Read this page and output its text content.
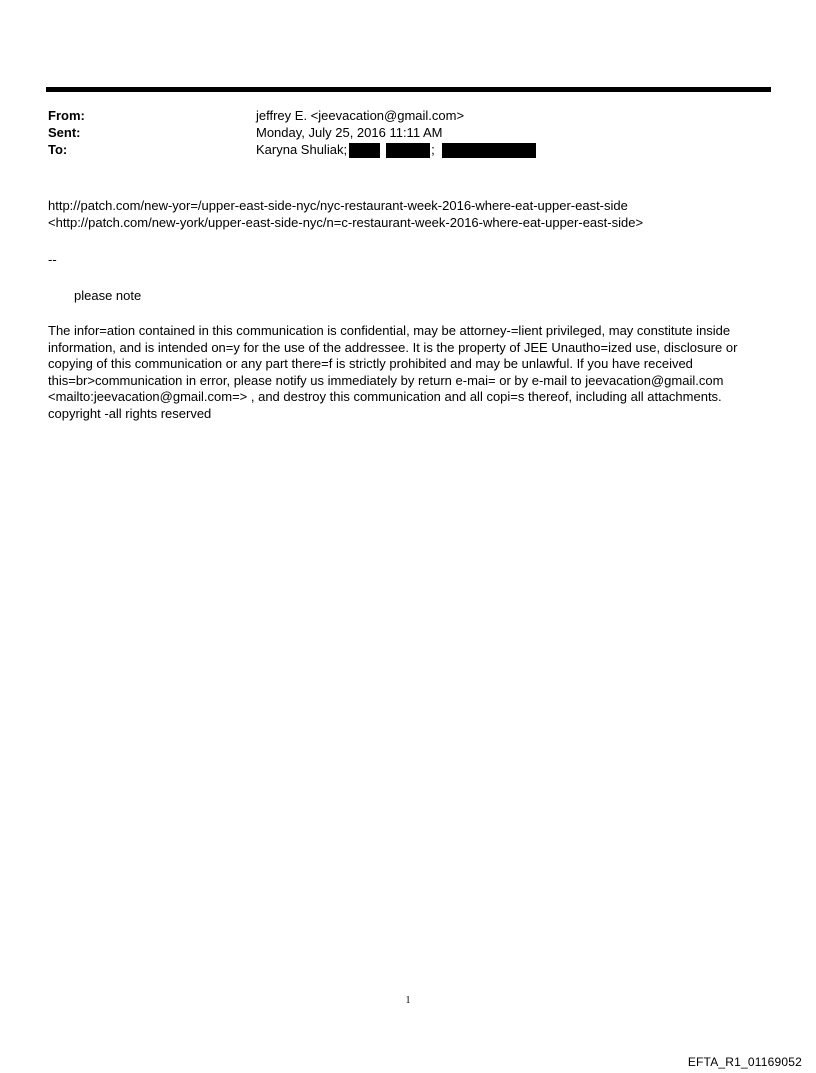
From:	jeffrey E. <jeevacation@gmail.com>
Sent:	Monday, July 25, 2016 11:11 AM
To:	Karyna Shuliak;	;
http://patch.com/new-yor=/upper-east-side-nyc/nyc-restaurant-week-2016-where-eat-upper-east-side
<http://patch.com/new-york/upper-east-side-nyc/n=c-restaurant-week-2016-where-eat-upper-east-side>
--
please note
The infor=ation contained in this communication is confidential, may be attorney-=lient privileged, may constitute inside information, and is intended on=y for the use of the addressee. It is the property of JEE Unautho=ized use, disclosure or copying of this communication or any part there=f is strictly prohibited and may be unlawful. If you have received this=br>communication in error, please notify us immediately by return e-mai= or by e-mail to jeevacation@gmail.com <mailto:jeevacation@gmail.com=> , and destroy this communication and all copi=s thereof, including all attachments. copyright -all rights reserved
1
EFTA_R1_01169052
